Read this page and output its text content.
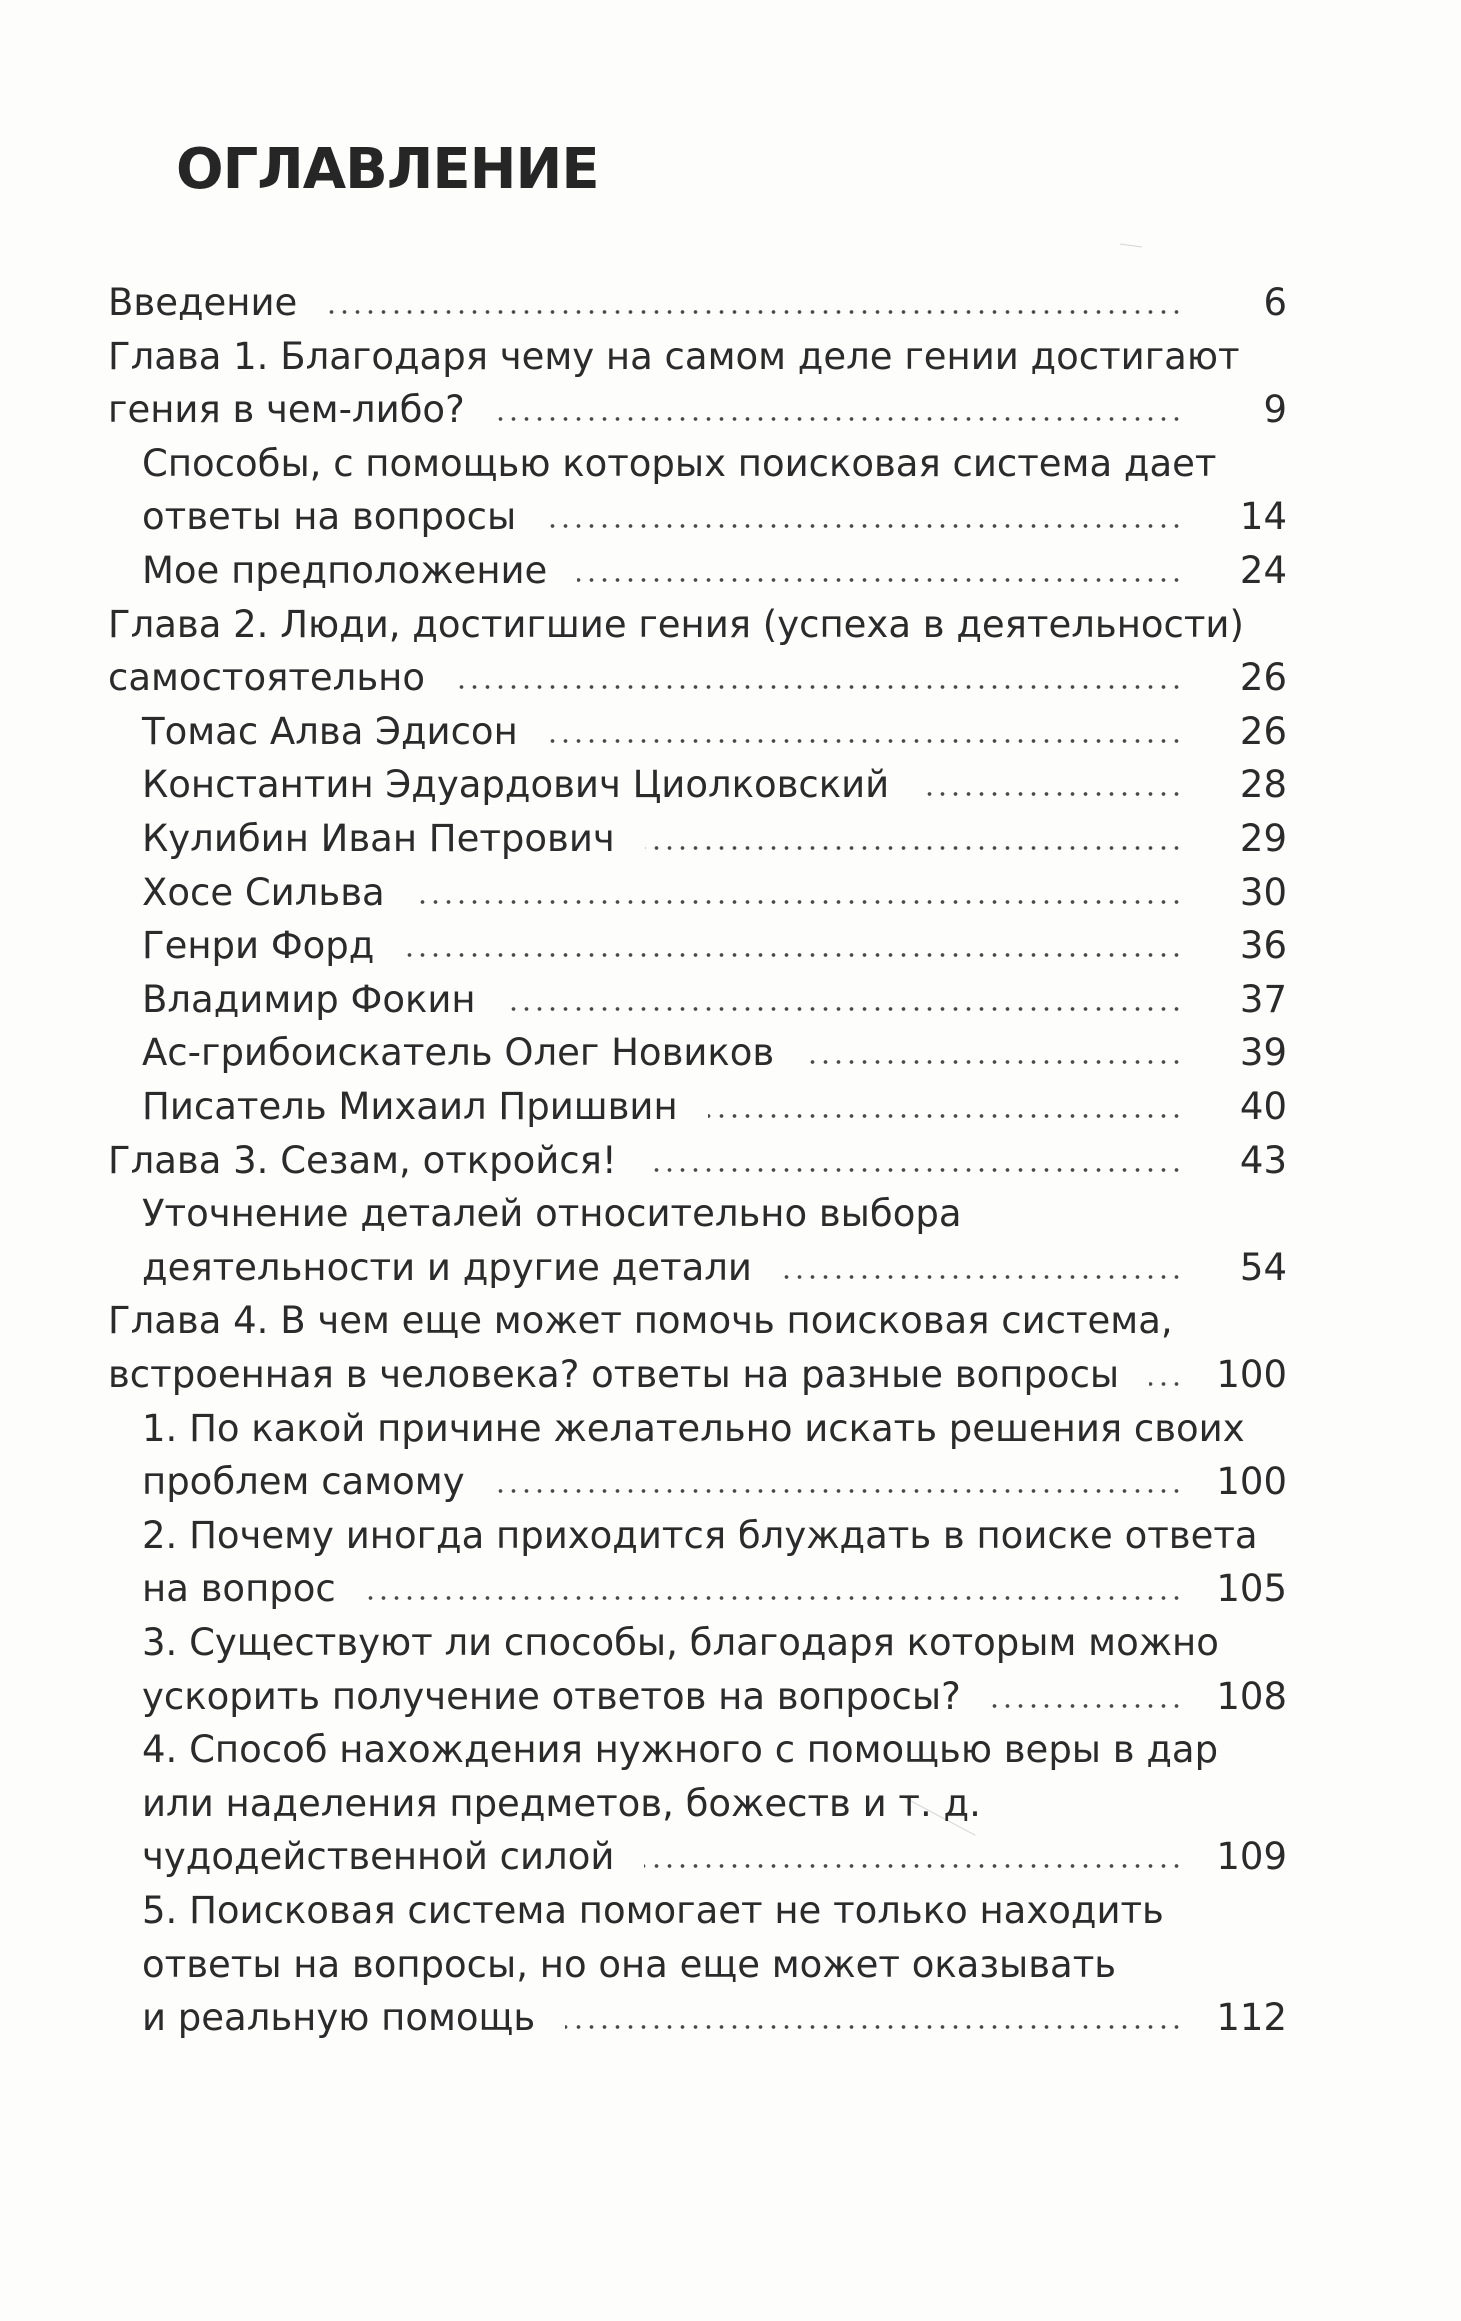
ОГЛАВЛЕНИЕ
Введение	6
Глава 1. Благодаря чему на самом деле гении достигают
гения в чем-либо?	9
Способы, с помощью которых поисковая система дает
ответы на вопросы	14
Мое предположение	24
Глава 2. Люди, достигшие гения (успеха в деятельности)
самостоятельно	26
Томас Алва Эдисон	26
Константин Эдуардович Циолковский	28
Кулибин Иван Петрович	29
Хосе Сильва	30
Генри Форд	36
Владимир Фокин	37
Ас-грибоискатель Олег Новиков	39
Писатель Михаил Пришвин	40
Глава 3. Сезам, откройся!	43
Уточнение деталей относительно выбора
деятельности и другие детали	54
Глава 4. В чем еще может помочь поисковая система,
встроенная в человека? ответы на разные вопросы	100
1. По какой причине желательно искать решения своих
проблем самому	100
2. Почему иногда приходится блуждать в поиске ответа
на вопрос	105
3. Существуют ли способы, благодаря которым можно
ускорить получение ответов на вопросы?	108
4. Способ нахождения нужного с помощью веры в дар
или наделения предметов, божеств и т. д.
чудодейственной силой	109
5. Поисковая система помогает не только находить
ответы на вопросы, но она еще может оказывать
и реальную помощь	112
